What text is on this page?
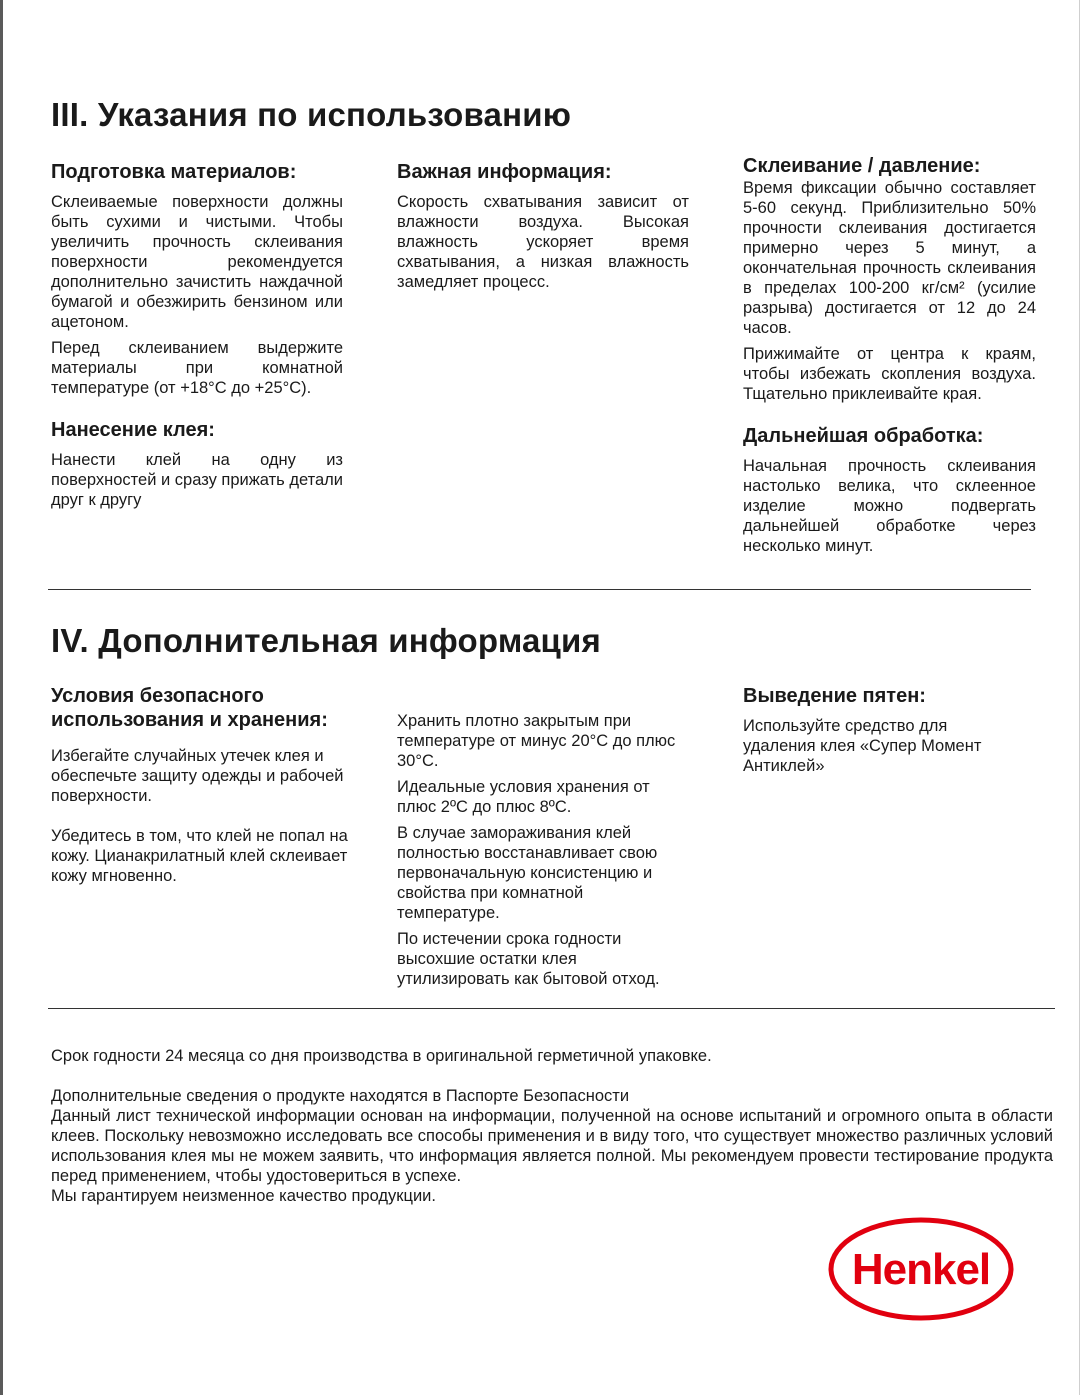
III. Указания по использованию
Подготовка материалов:

Склеиваемые поверхности должны быть сухими и чистыми. Чтобы увеличить прочность склеивания поверхности рекомендуется дополнительно зачистить наждачной бумагой и обезжирить бензином или ацетоном.

Перед склеиванием выдержите материалы при комнатной температуре (от +18°С до +25°С).

Нанесение клея:

Нанести клей на одну из поверхностей и сразу прижать детали друг к другу

Важная информация:

Скорость схватывания зависит от влажности воздуха. Высокая влажность ускоряет время схватывания, а низкая влажность замедляет процесс.

Склеивание / давление:

Время фиксации обычно составляет 5-60 секунд. Приблизительно 50% прочности склеивания достигается примерно через 5 минут, а окончательная прочность склеивания в пределах 100-200 кг/см² (усилие разрыва) достигается от 12 до 24 часов.

Прижимайте от центра к краям, чтобы избежать скопления воздуха. Тщательно приклеивайте края.

Дальнейшая обработка:

Начальная прочность склеивания настолько велика, что склеенное изделие можно подвергать дальнейшей обработке через несколько минут.

IV. Дополнительная информация
Условия безопасного использования и хранения:

Избегайте случайных утечек клея и обеспечьте защиту одежды и рабочей поверхности.

Убедитесь в том, что клей не попал на кожу. Цианакрилатный клей склеивает кожу мгновенно.

Хранить плотно закрытым при температуре от минус 20°С до плюс 30°С.

Идеальные условия хранения от плюс 2ºС до плюс 8ºС.

В случае замораживания клей полностью восстанавливает свою первоначальную консистенцию и свойства при комнатной температуре.

По истечении срока годности высохшие остатки клея утилизировать как бытовой отход.

Выведение пятен:

Используйте средство для удаления клея «Супер Момент Антиклей»

Срок годности 24 месяца со дня производства в оригинальной герметичной упаковке.

Дополнительные сведения о продукте находятся в Паспорте Безопасности

Данный лист технической информации основан на информации, полученной на основе испытаний и огромного опыта в области клеев. Поскольку невозможно исследовать все способы применения и в виду того, что существует множество различных условий использования клея мы не можем заявить, что информация является полной. Мы рекомендуем провести тестирование продукта перед применением, чтобы удостовериться в успехе.

Мы гарантируем неизменное качество продукции.

Henkel
